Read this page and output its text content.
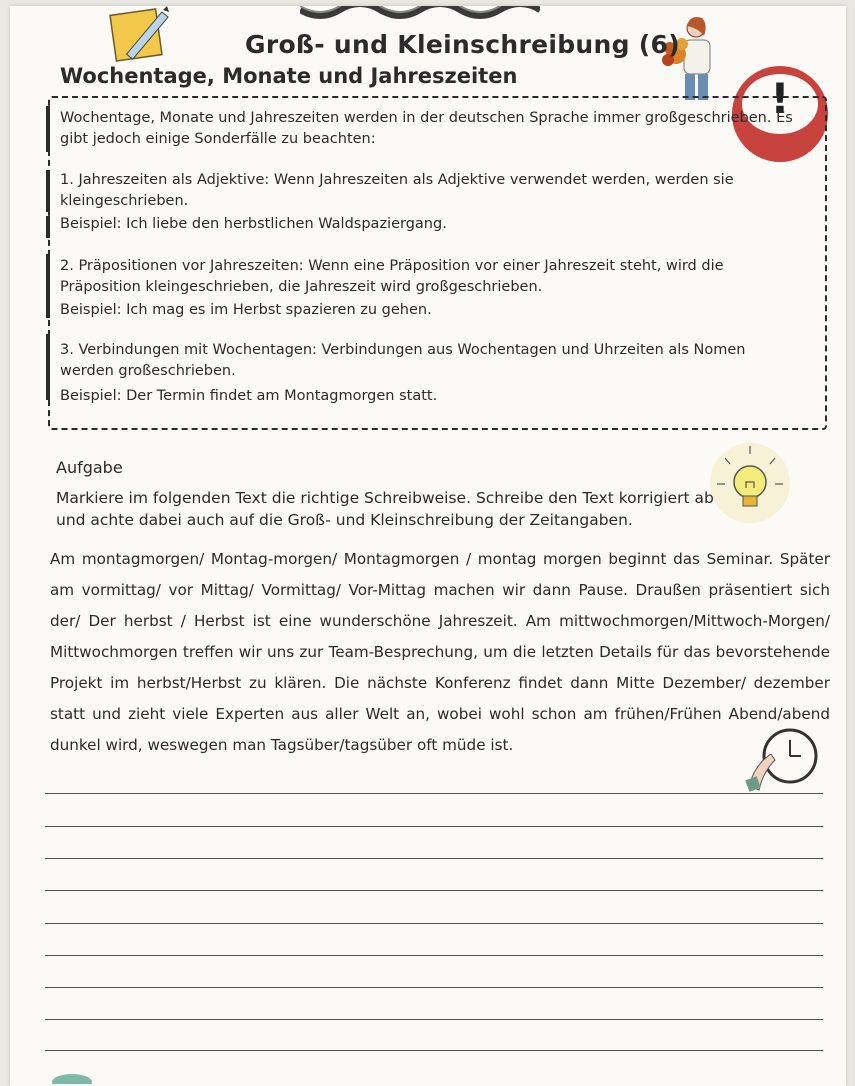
Groß- und Kleinschreibung (6)
Wochentage, Monate und Jahreszeiten	!
Wochentage, Monate und Jahreszeiten werden in der deutschen Sprache immer großgeschrieben. Es gibt jedoch einige Sonderfälle zu beachten:
1. Jahreszeiten als Adjektive: Wenn Jahreszeiten als Adjektive verwendet werden, werden sie kleingeschrieben.
Beispiel: Ich liebe den herbstlichen Waldspaziergang.
2. Präpositionen vor Jahreszeiten: Wenn eine Präposition vor einer Jahreszeit steht, wird die Präposition kleingeschrieben, die Jahreszeit wird großgeschrieben.
Beispiel: Ich mag es im Herbst spazieren zu gehen.
3. Verbindungen mit Wochentagen: Verbindungen aus Wochentagen und Uhrzeiten als Nomen werden großeschrieben.
Beispiel: Der Termin findet am Montagmorgen statt.
Aufgabe
Markiere im folgenden Text die richtige Schreibweise. Schreibe den Text korrigiert ab und achte dabei auch auf die Groß- und Kleinschreibung der Zeitangaben.
Am montagmorgen/ Montag-morgen/ Montagmorgen / montag morgen beginnt das Seminar. Später am vormittag/ vor Mittag/ Vormittag/ Vor-Mittag machen wir dann Pause. Draußen präsentiert sich der/ Der herbst / Herbst ist eine wunderschöne Jahreszeit. Am mittwochmorgen/Mittwoch-Morgen/ Mittwochmorgen treffen wir uns zur Team-Besprechung, um die letzten Details für das bevorstehende Projekt im herbst/Herbst zu klären. Die nächste Konferenz findet dann Mitte Dezember/ dezember statt und zieht viele Experten aus aller Welt an, wobei wohl schon am frühen/Frühen Abend/abend dunkel wird, weswegen man Tagsüber/tagsüber oft müde ist.
